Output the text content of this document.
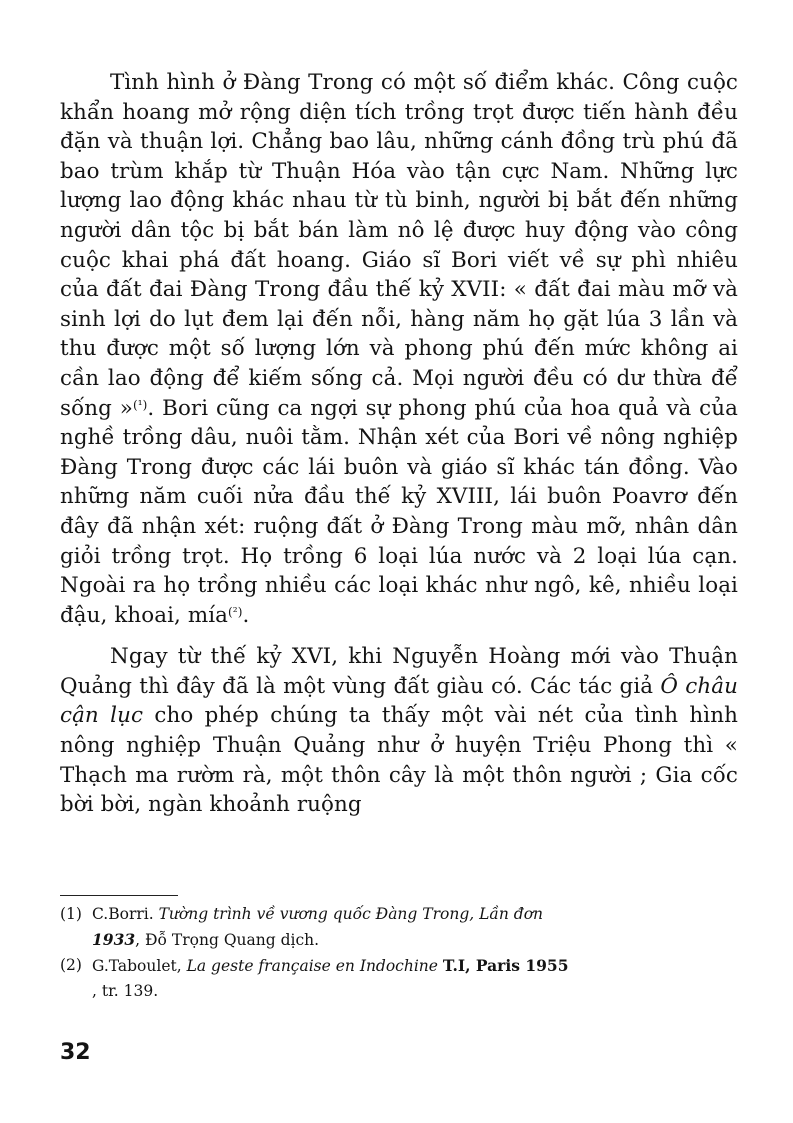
Tình hình ở Đàng Trong có một số điểm khác. Công cuộc khẩn hoang mở rộng diện tích trồng trọt được tiến hành đều đặn và thuận lợi. Chẳng bao lâu, những cánh đồng trù phú đã bao trùm khắp từ Thuận Hóa vào tận cực Nam. Những lực lượng lao động khác nhau từ tù binh, người bị bắt đến những người dân tộc bị bắt bán làm nô lệ được huy động vào công cuộc khai phá đất hoang. Giáo sĩ Bori viết về sự phì nhiêu của đất đai Đàng Trong đầu thế kỷ XVII: « đất đai màu mỡ và sinh lợi do lụt đem lại đến nỗi, hàng năm họ gặt lúa 3 lần và thu được một số lượng lớn và phong phú đến mức không ai cần lao động để kiếm sống cả. Mọi người đều có dư thừa để sống »$^{(^1)}$. Bori cũng ca ngợi sự phong phú của hoa quả và của nghề trồng dâu, nuôi tằm. Nhận xét của Bori về nông nghiệp Đàng Trong được các lái buôn và giáo sĩ khác tán đồng. Vào những năm cuối nửa đầu thế kỷ XVIII, lái buôn Poavrơ đến đây đã nhận xét: ruộng đất ở Đàng Trong màu mỡ, nhân dân giỏi trồng trọt. Họ trồng 6 loại lúa nước và 2 loại lúa cạn. Ngoài ra họ trồng nhiều các loại khác như ngô, kê, nhiều loại đậu, khoai, mía$^{(^2)}$.

Ngay từ thế kỷ XVI, khi Nguyễn Hoàng mới vào Thuận Quảng thì đây đã là một vùng đất giàu có. Các tác giả Ô châu cận lục cho phép chúng ta thấy một vài nét của tình hình nông nghiệp Thuận Quảng như ở huyện Triệu Phong thì « Thạch ma rườm rà, một thôn cây là một thôn người ; Gia cốc bời bời, ngàn khoảnh ruộng

(1) C.Borri. Tường trình về vương quốc Đàng Trong, Lần đơn
1933, Đỗ Trọng Quang dịch.
(2) G.Taboulet, La geste française en Indochine T.I, Paris 1955
, tr. 139.
32
